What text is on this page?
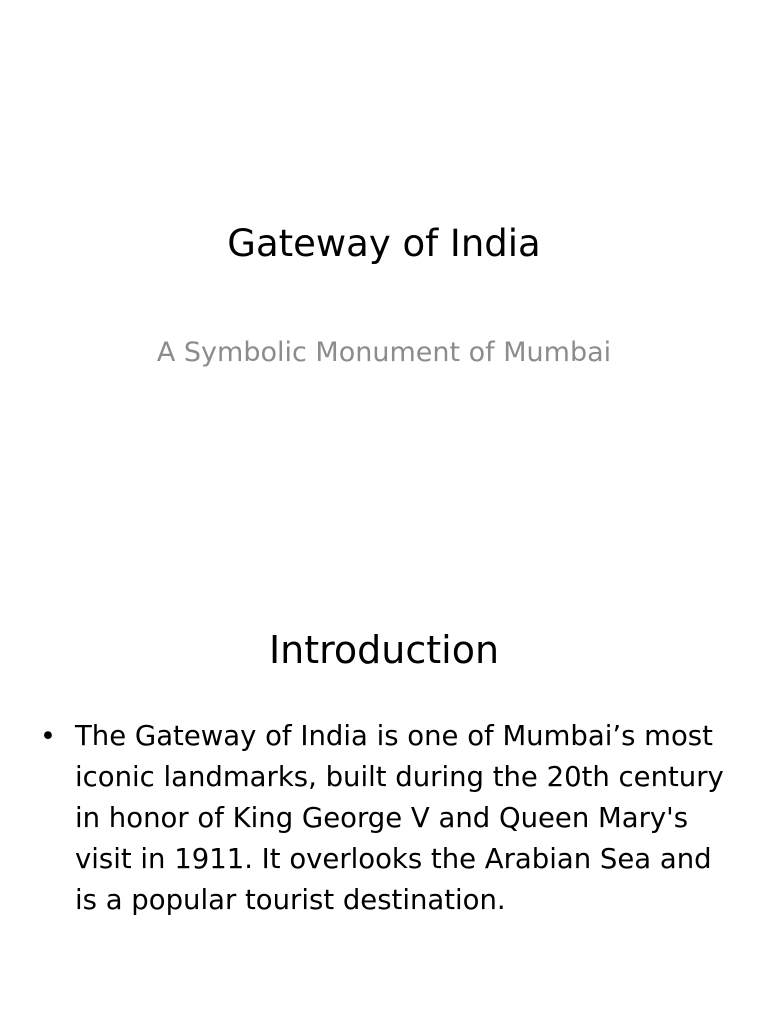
Gateway of India
A Symbolic Monument of Mumbai
Introduction
• The Gateway of India is one of Mumbai’s most iconic landmarks, built during the 20th century in honor of King George V and Queen Mary's visit in 1911. It overlooks the Arabian Sea and is a popular tourist destination.
